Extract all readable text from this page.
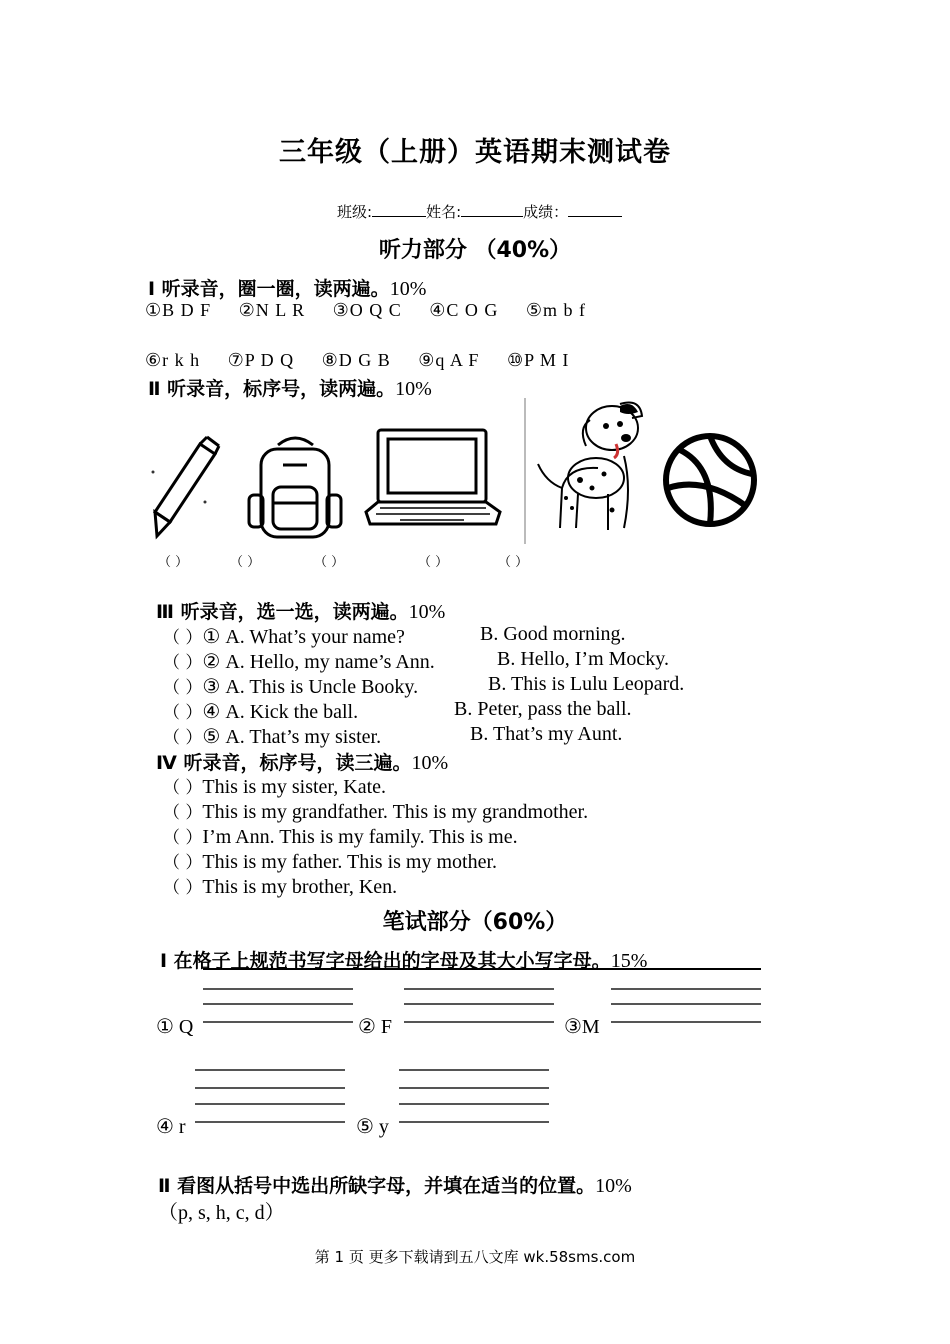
三年级（上册）英语期末测试卷
班级:	姓名:	成绩：
听力部分 （40%）
Ⅰ 听录音，圈一圈，读两遍。10%
①B D F ②N L R ③O Q C ④C O G ⑤m b f
⑥r k h ⑦P D Q ⑧D G B ⑨q A F ⑩P M I
Ⅱ 听录音，标序号，读两遍。10%
（ ）	（ ）	（ ）	（ ）	（ ）
Ⅲ 听录音，选一选，读两遍。10%
（ ）① A. What’s your name?	B. Good morning.
（ ）② A. Hello, my name’s Ann.	B. Hello, I’m Mocky.
（ ）③ A. This is Uncle Booky.	B. This is Lulu Leopard.
（ ）④ A. Kick the ball.	B. Peter, pass the ball.
（ ）⑤ A. That’s my sister.	B. That’s my Aunt.
Ⅳ 听录音，标序号，读三遍。10%
（ ）This is my sister, Kate.
（ ）This is my grandfather. This is my grandmother.
（ ）I’m Ann. This is my family. This is me.
（ ）This is my father. This is my mother.
（ ）This is my brother, Ken.
笔试部分（60%）
Ⅰ 在格子上规范书写字母给出的字母及其大小写字母。15%
① Q	② F	③M
④ r	⑤ y
Ⅱ 看图从括号中选出所缺字母，并填在适当的位置。10%
（p, s, h, c, d）
第 1 页 更多下载请到五八文库 wk.58sms.com
